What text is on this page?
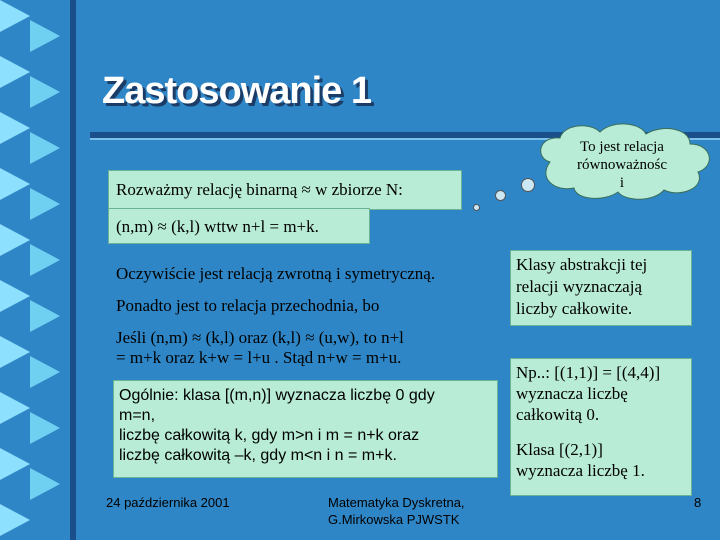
Zastosowanie 1
Rozważmy relację binarną ≈ w zbiorze N:
(n,m) ≈ (k,l) wttw n+l = m+k.
To jest relacja
równoważnośc
i
Oczywiście jest relacją zwrotną i symetryczną.
Ponadto jest to relacja przechodnia, bo
Jeśli (n,m) ≈ (k,l) oraz (k,l) ≈ (u,w), to n+l
= m+k oraz k+w = l+u . Stąd n+w = m+u.
Ogólnie: klasa [(m,n)] wyznacza liczbę 0 gdy
m=n,
liczbę całkowitą k, gdy m>n i m = n+k oraz
liczbę całkowitą –k, gdy m<n i n = m+k.
Klasy abstrakcji tej
relacji wyznaczają
liczby całkowite.
Np..: [(1,1)] = [(4,4)]
wyznacza liczbę
całkowitą 0.
Klasa [(2,1)]
wyznacza liczbę 1.
24 października 2001	Matematyka Dyskretna,
G.Mirkowska PJWSTK
8
